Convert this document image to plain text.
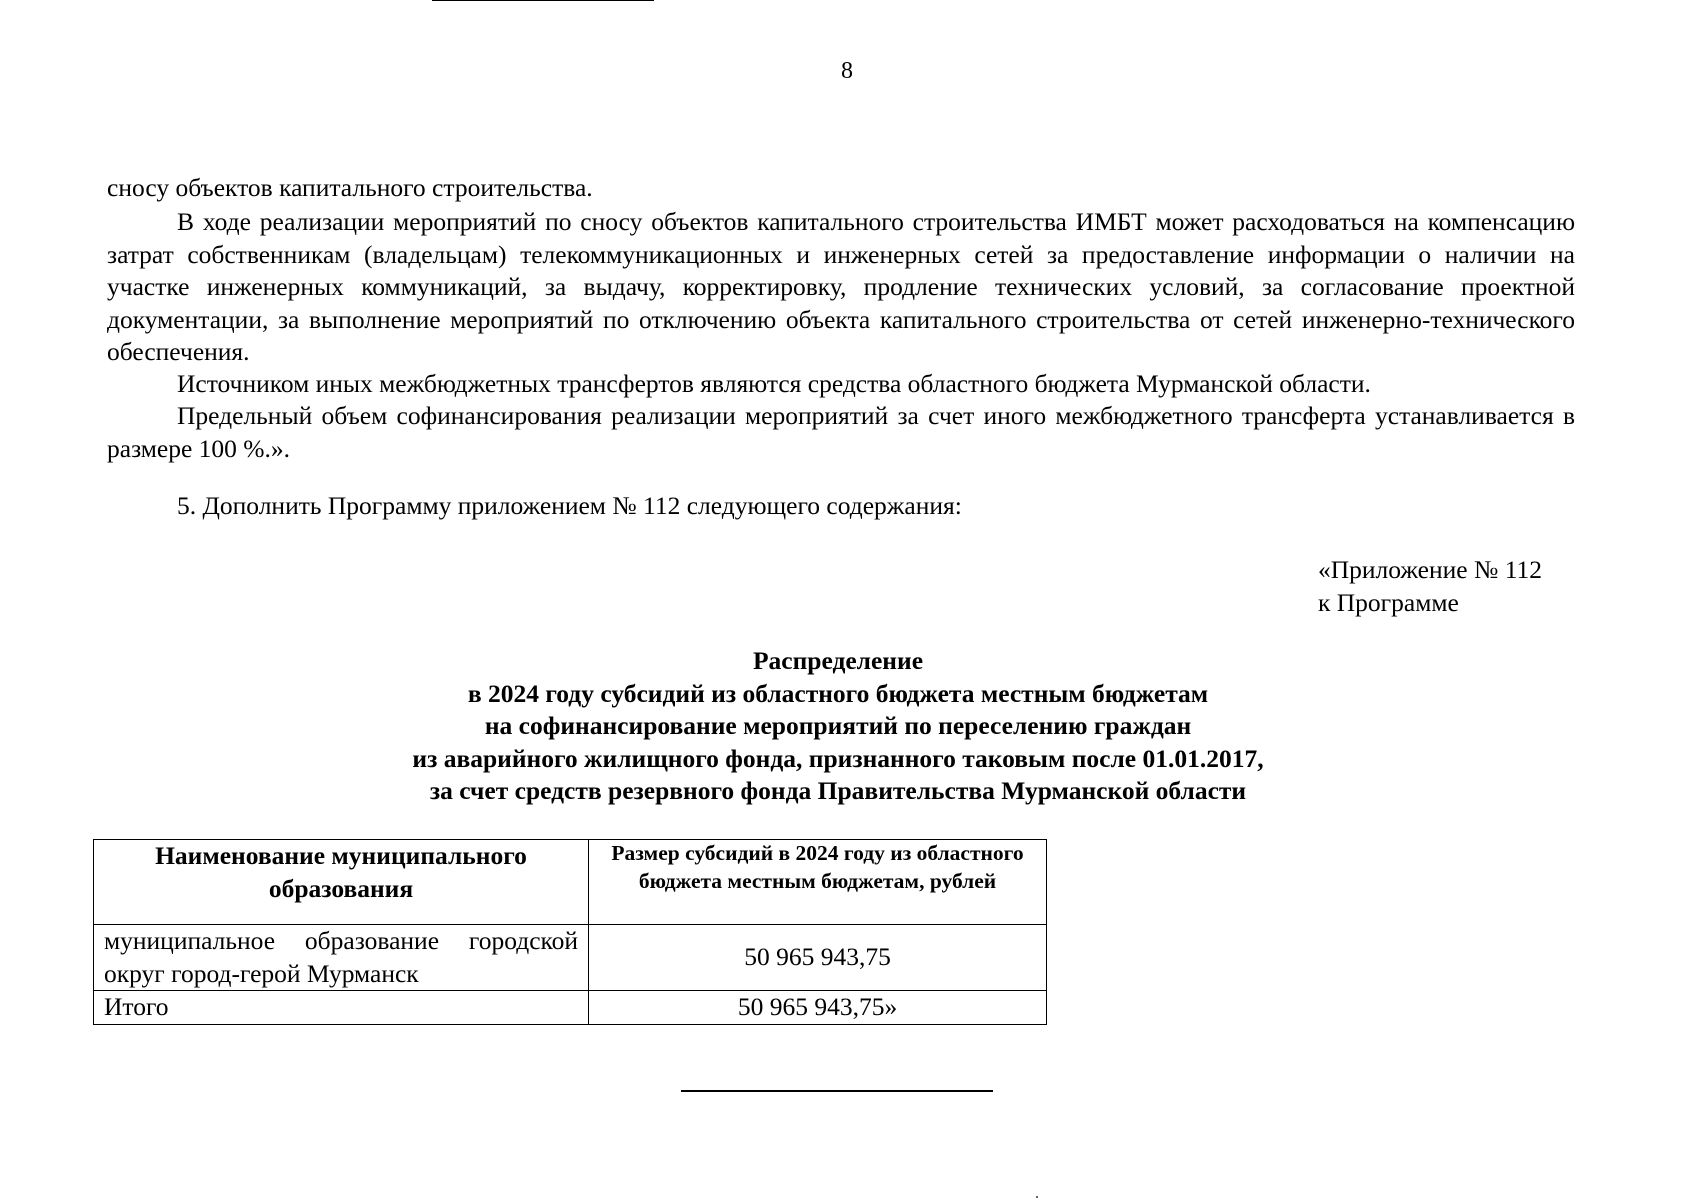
8
сносу объектов капитального строительства.
В ходе реализации мероприятий по сносу объектов капитального строительства ИМБТ может расходоваться на компенсацию затрат собственникам (владельцам) телекоммуникационных и инженерных сетей за предоставление информации о наличии на участке инженерных коммуникаций, за выдачу, корректировку, продление технических условий, за согласование проектной документации, за выполнение мероприятий по отключению объекта капитального строительства от сетей инженерно-технического обеспечения.
Источником иных межбюджетных трансфертов являются средства областного бюджета Мурманской области.
Предельный объем софинансирования реализации мероприятий за счет иного межбюджетного трансферта устанавливается в размере 100 %.».
5. Дополнить Программу приложением № 112 следующего содержания:
«Приложение № 112
к Программе
Распределение
в 2024 году субсидий из областного бюджета местным бюджетам
на софинансирование мероприятий по переселению граждан
из аварийного жилищного фонда, признанного таковым после 01.01.2017,
за счет средств резервного фонда Правительства Мурманской области
Наименование муниципального образования	Размер субсидий в 2024 году из областного бюджета местным бюджетам, рублей
муниципальное образование городской округ город-герой Мурманск	50 965 943,75
Итого	50 965 943,75»
